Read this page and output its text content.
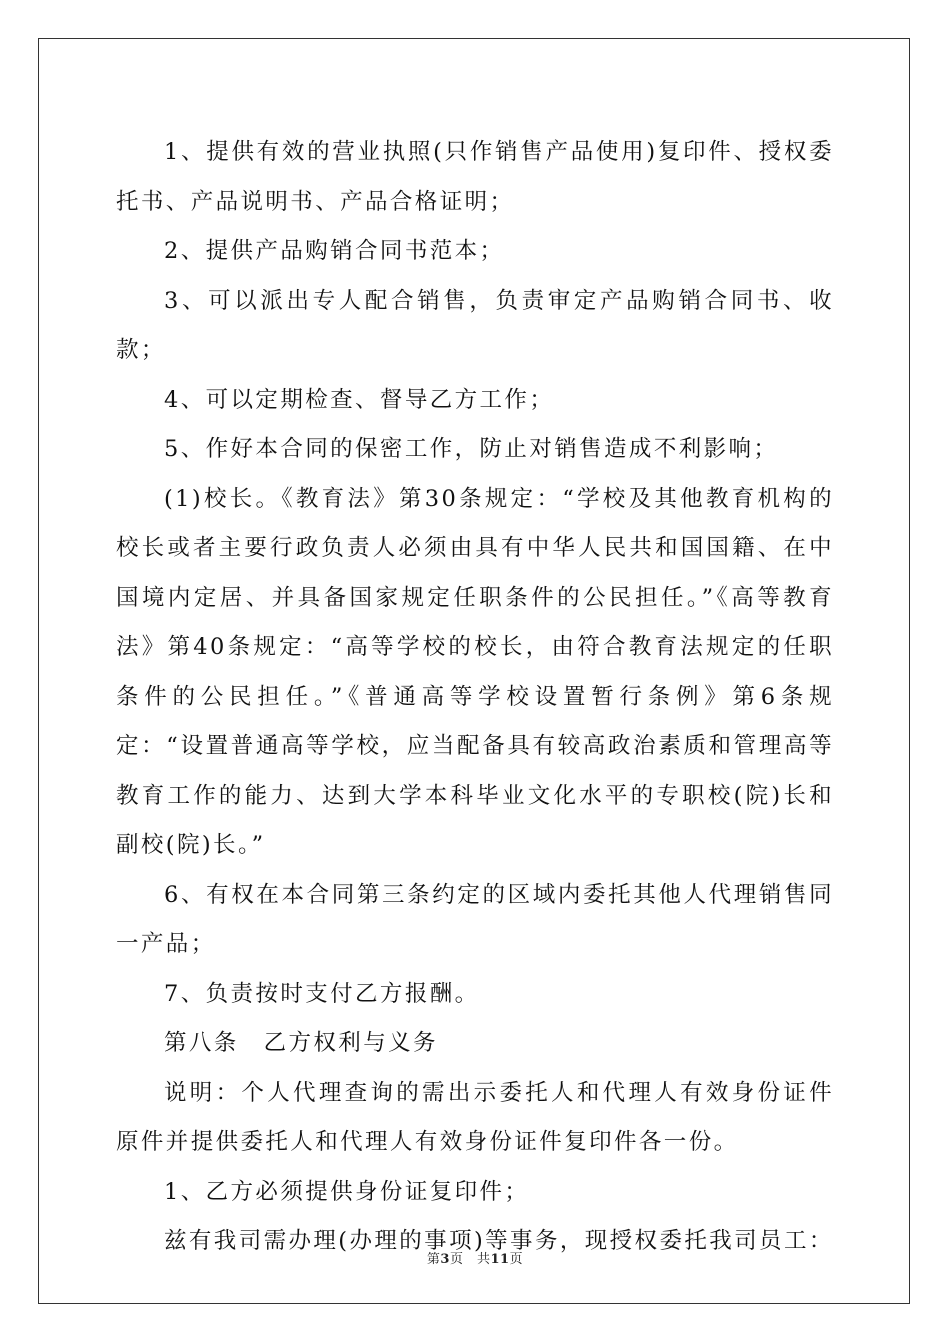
1、提供有效的营业执照(只作销售产品使用)复印件、授权委托书、产品说明书、产品合格证明；

2、提供产品购销合同书范本；

3、可以派出专人配合销售，负责审定产品购销合同书、收款；

4、可以定期检查、督导乙方工作；

5、作好本合同的保密工作，防止对销售造成不利影响；

(1)校长。《教育法》第30条规定：“学校及其他教育机构的校长或者主要行政负责人必须由具有中华人民共和国国籍、在中国境内定居、并具备国家规定任职条件的公民担任。”《高等教育法》第40条规定：“高等学校的校长，由符合教育法规定的任职条件的公民担任。”《普通高等学校设置暂行条例》第6条规定：“设置普通高等学校，应当配备具有较高政治素质和管理高等教育工作的能力、达到大学本科毕业文化水平的专职校(院)长和副校(院)长。”

6、有权在本合同第三条约定的区域内委托其他人代理销售同一产品；

7、负责按时支付乙方报酬。

第八条　乙方权利与义务

说明：个人代理查询的需出示委托人和代理人有效身份证件原件并提供委托人和代理人有效身份证件复印件各一份。

1、乙方必须提供身份证复印件；

兹有我司需办理(办理的事项)等事务，现授权委托我司员工：

第3页　共11页
